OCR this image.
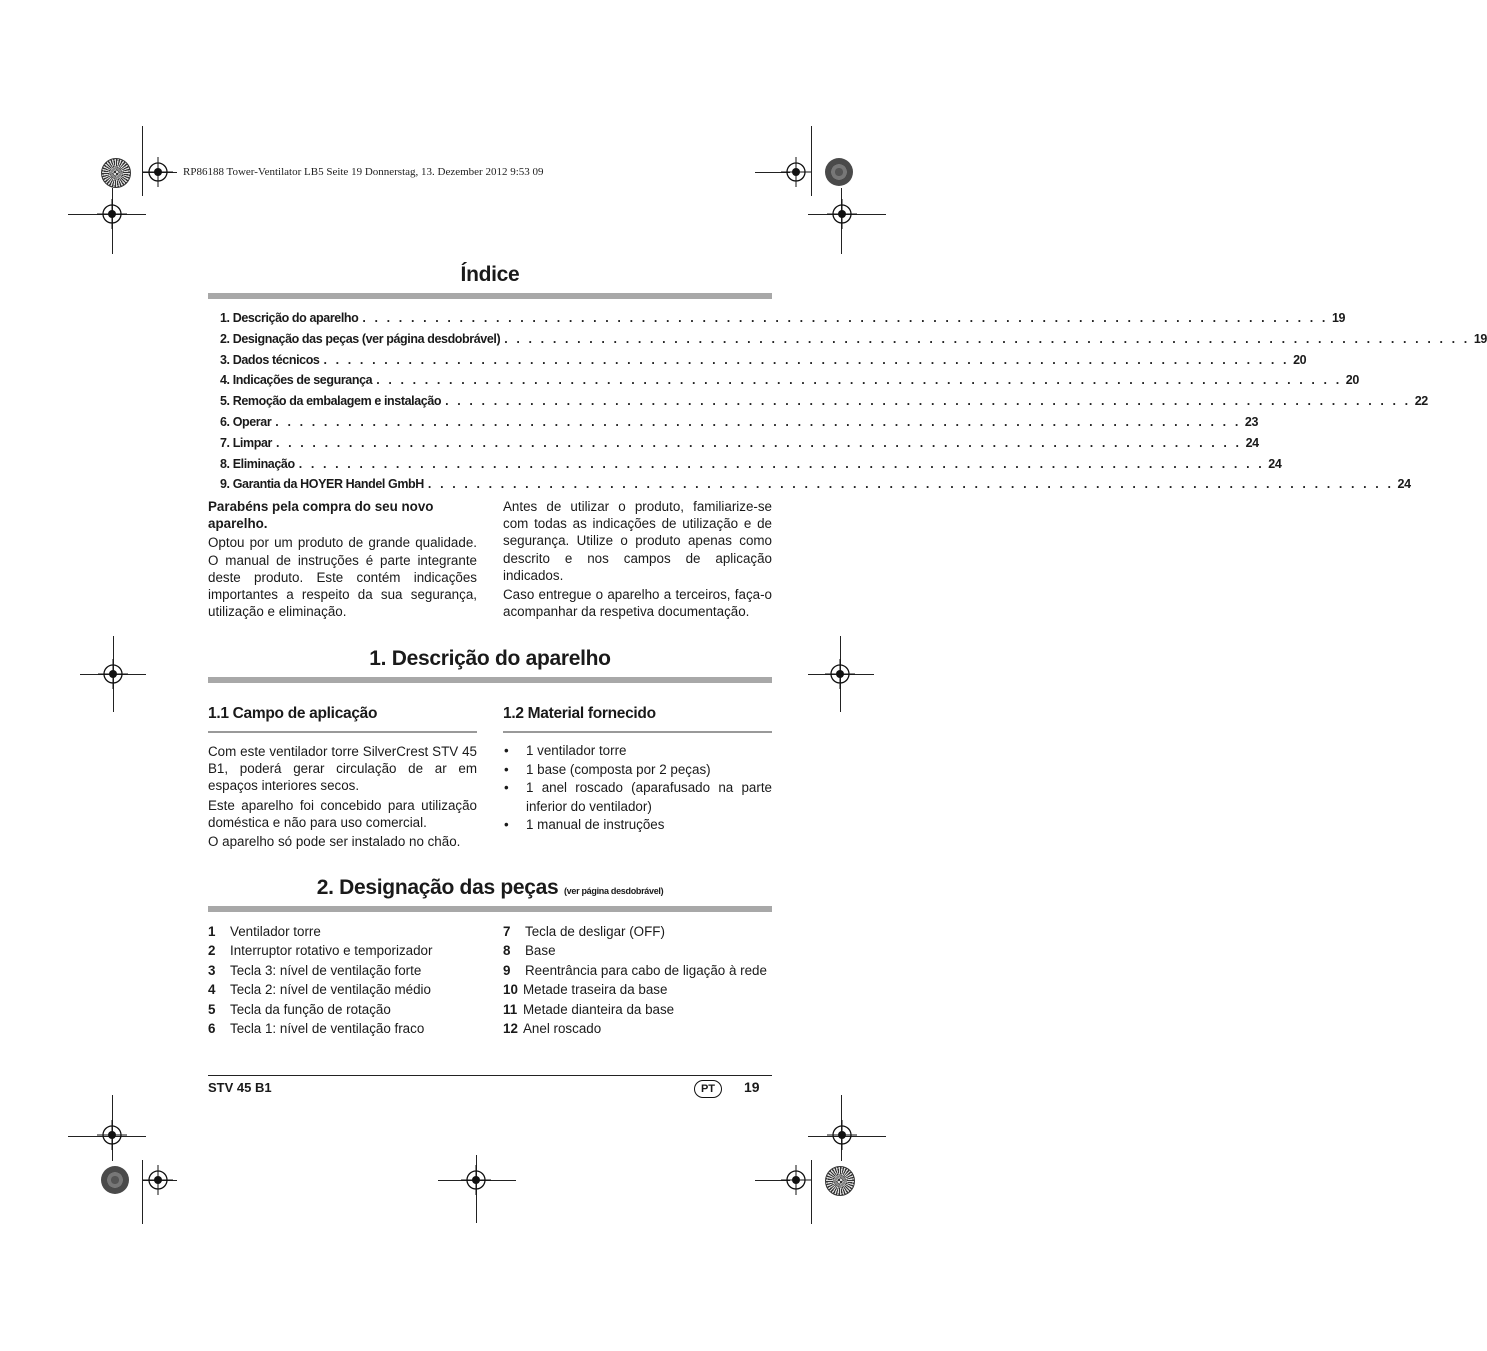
RP86188 Tower-Ventilator LB5 Seite 19 Donnerstag, 13. Dezember 2012 9:53 09
Índice
1. Descrição do aparelho . . . . . . . . . . . . . . . . . . . . . . . . . . . . . . . . . . . . . . . . . . . . . . . . . . . . . . . . . . . . . . . . . . . . . . . . . . . . . . . . 19
2. Designação das peças (ver página desdobrável) . . . . . . . . . . . . . . . . . . . . . . . . . . . . . . . . . . . . . . . . . . . . . . . . . . . . . . . . . . . . . . . . . . . . . . . . . . . . . . . . 19
3. Dados técnicos . . . . . . . . . . . . . . . . . . . . . . . . . . . . . . . . . . . . . . . . . . . . . . . . . . . . . . . . . . . . . . . . . . . . . . . . . . . . . . . . 20
4. Indicações de segurança . . . . . . . . . . . . . . . . . . . . . . . . . . . . . . . . . . . . . . . . . . . . . . . . . . . . . . . . . . . . . . . . . . . . . . . . . . . . . . . . 20
5. Remoção da embalagem e instalação . . . . . . . . . . . . . . . . . . . . . . . . . . . . . . . . . . . . . . . . . . . . . . . . . . . . . . . . . . . . . . . . . . . . . . . . . . . . . . . . 22
6. Operar . . . . . . . . . . . . . . . . . . . . . . . . . . . . . . . . . . . . . . . . . . . . . . . . . . . . . . . . . . . . . . . . . . . . . . . . . . . . . . . . 23
7. Limpar . . . . . . . . . . . . . . . . . . . . . . . . . . . . . . . . . . . . . . . . . . . . . . . . . . . . . . . . . . . . . . . . . . . . . . . . . . . . . . . . 24
8. Eliminação . . . . . . . . . . . . . . . . . . . . . . . . . . . . . . . . . . . . . . . . . . . . . . . . . . . . . . . . . . . . . . . . . . . . . . . . . . . . . . . . 24
9. Garantia da HOYER Handel GmbH . . . . . . . . . . . . . . . . . . . . . . . . . . . . . . . . . . . . . . . . . . . . . . . . . . . . . . . . . . . . . . . . . . . . . . . . . . . . . . . . 24

Parabéns pela compra do seu novo aparelho.

Optou por um produto de grande qualidade. O manual de instruções é parte integrante deste produto. Este contém indicações importantes a respeito da sua segurança, utilização e eliminação.

Antes de utilizar o produto, familiarize-se com todas as indicações de utilização e de segurança. Utilize o produto apenas como descrito e nos campos de aplicação indicados.

Caso entregue o aparelho a terceiros, faça-o acompanhar da respetiva documentação.

1. Descrição do aparelho
1.1 Campo de aplicação

Com este ventilador torre SilverCrest STV 45 B1, poderá gerar circulação de ar em espaços interiores secos.

Este aparelho foi concebido para utilização doméstica e não para uso comercial.

O aparelho só pode ser instalado no chão.

1.2 Material fornecido
• 1 ventilador torre
• 1 base (composta por 2 peças)
• 1 anel roscado (aparafusado na parte inferior do ventilador)
• 1 manual de instruções
2. Designação das peças (ver página desdobrável)
1	Ventilador torre
2	Interruptor rotativo e temporizador
3	Tecla 3: nível de ventilação forte
4	Tecla 2: nível de ventilação médio
5	Tecla da função de rotação
6	Tecla 1: nível de ventilação fraco
7	Tecla de desligar (OFF)
8	Base
9	Reentrância para cabo de ligação à rede
10 Metade traseira da base
11 Metade dianteira da base
12 Anel roscado
STV 45 B1	PT	19
